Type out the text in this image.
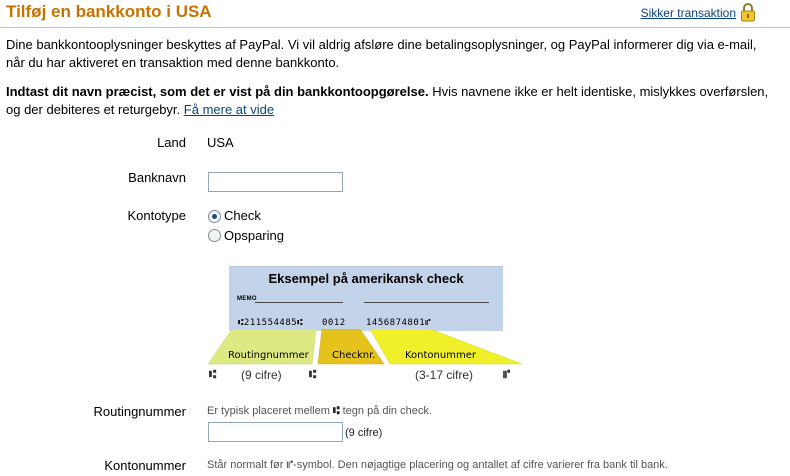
Tilføj en bankkonto i USA	Sikker transaktion
Dine bankkontooplysninger beskyttes af PayPal. Vi vil aldrig afsløre dine betalingsoplysninger, og PayPal informerer dig via e-mail, når du har aktiveret en transaktion med denne bankkonto.
Indtast dit navn præcist, som det er vist på din bankkontoopgørelse. Hvis navnene ikke er helt identiske, mislykkes overførslen, og der debiteres et returgebyr. Få mere at vide
Land USA
Banknavn
Kontotype	Check
Opsparing
Eksempel på amerikansk check
MEMO
⑆211554485⑆ 0012 1456874801⑈
Routingnummer Checknr.	Kontonummer
⑆ (9 cifre) ⑆	(3-17 cifre) ⑈
Routingnummer Er typisk placeret mellem ⑆ tegn på din check.
(9 cifre)
Kontonummer Står normalt før ⑈-symbol. Den nøjagtige placering og antallet af cifre varierer fra bank til bank.
